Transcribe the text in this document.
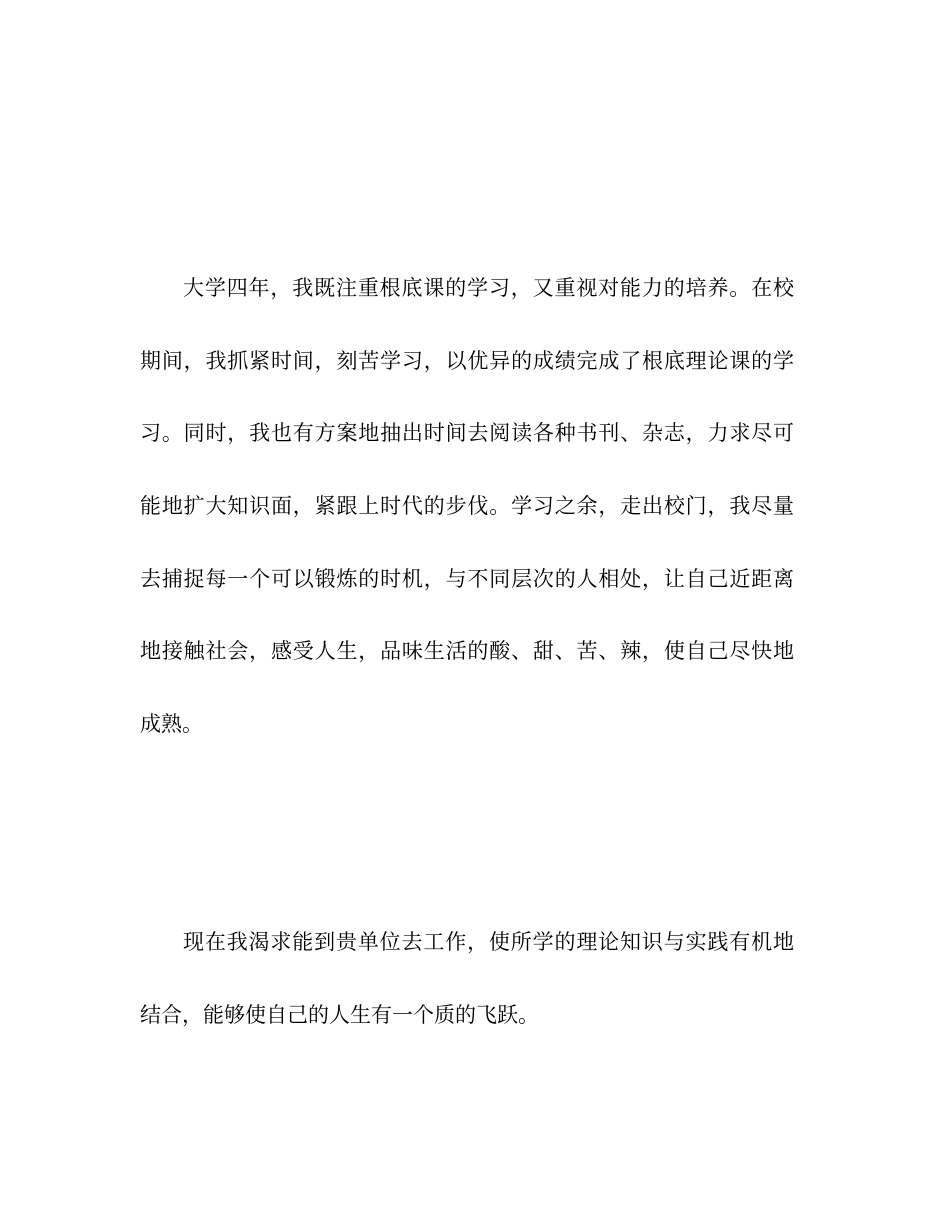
大学四年，我既注重根底课的学习，又重视对能力的培养。在校
期间，我抓紧时间，刻苦学习，以优异的成绩完成了根底理论课的学
习。同时，我也有方案地抽出时间去阅读各种书刊、杂志，力求尽可
能地扩大知识面，紧跟上时代的步伐。学习之余，走出校门，我尽量
去捕捉每一个可以锻炼的时机，与不同层次的人相处，让自己近距离
地接触社会，感受人生，品味生活的酸、甜、苦、辣，使自己尽快地
成熟。
现在我渴求能到贵单位去工作，使所学的理论知识与实践有机地
结合，能够使自己的人生有一个质的飞跃。
